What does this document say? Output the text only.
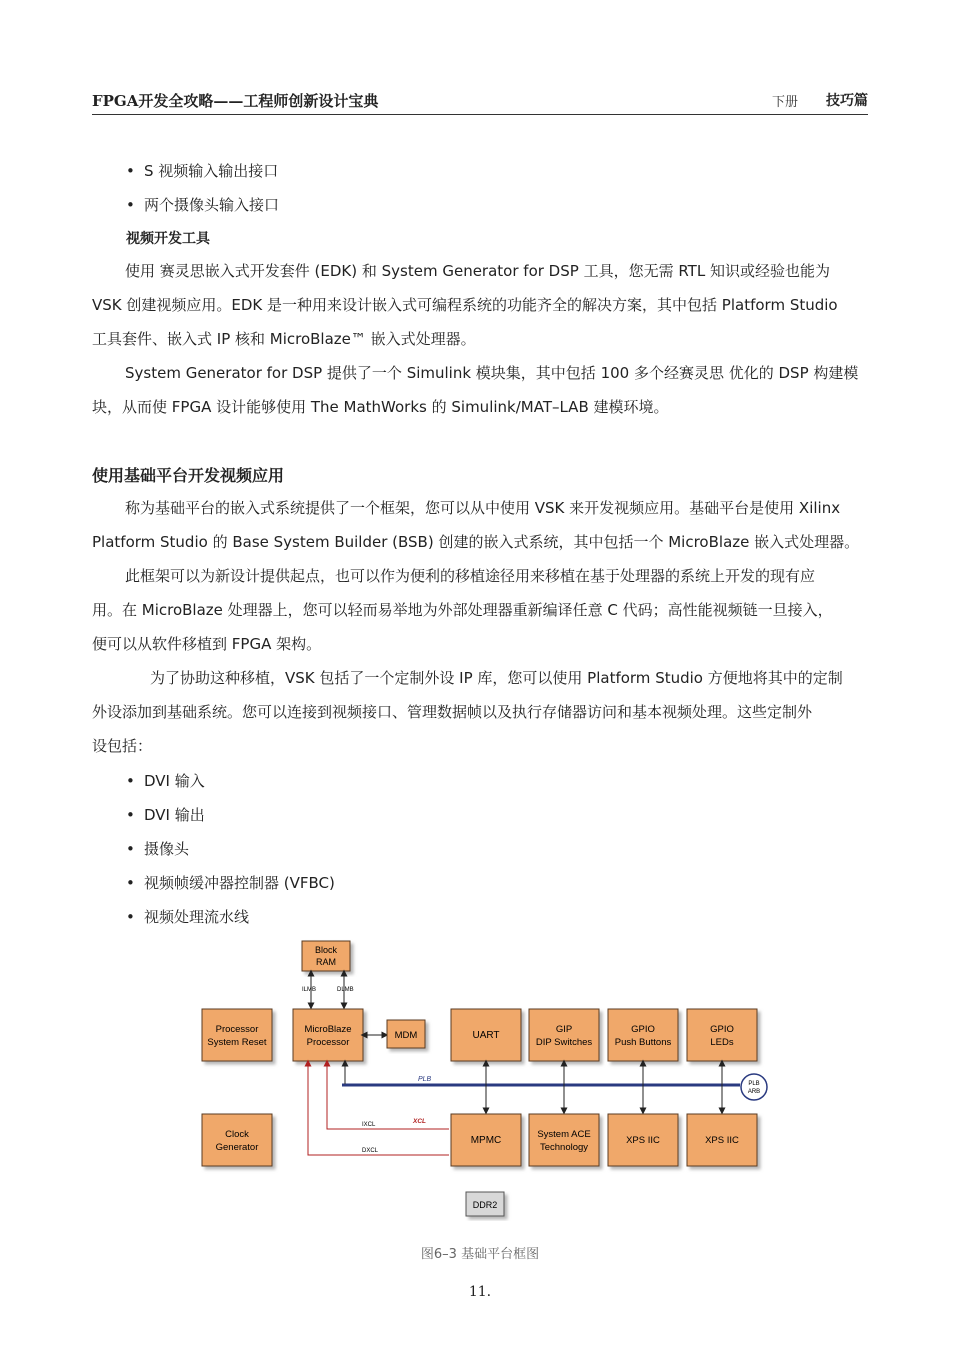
FPGA开发全攻略——工程师创新设计宝典	下册 技巧篇
• S 视频输入输出接口
• 两个摄像头输入接口
视频开发工具
使用 赛灵思嵌入式开发套件 (EDK) 和 System Generator for DSP 工具，您无需 RTL 知识或经验也能为
VSK 创建视频应用。EDK 是一种用来设计嵌入式可编程系统的功能齐全的解决方案，其中包括 Platform Studio
工具套件、嵌入式 IP 核和 MicroBlaze™ 嵌入式处理器。
System Generator for DSP 提供了一个 Simulink 模块集，其中包括 100 多个经赛灵思 优化的 DSP 构建模
块，从而使 FPGA 设计能够使用 The MathWorks 的 Simulink/MAT–LAB 建模环境。
使用基础平台开发视频应用
称为基础平台的嵌入式系统提供了一个框架，您可以从中使用 VSK 来开发视频应用。基础平台是使用 Xilinx
Platform Studio 的 Base System Builder (BSB) 创建的嵌入式系统，其中包括一个 MicroBlaze 嵌入式处理器。
此框架可以为新设计提供起点，也可以作为便利的移植途径用来移植在基于处理器的系统上开发的现有应
用。在 MicroBlaze 处理器上，您可以轻而易举地为外部处理器重新编译任意 C 代码；高性能视频链一旦接入，
便可以从软件移植到 FPGA 架构。
为了协助这种移植，VSK 包括了一个定制外设 IP 库，您可以使用 Platform Studio 方便地将其中的定制
外设添加到基础系统。您可以连接到视频接口、管理数据帧以及执行存储器访问和基本视频处理。这些定制外
设包括：
• DVI 输入
• DVI 输出
• 摄像头
• 视频帧缓冲器控制器 (VFBC)
• 视频处理流水线
Block
RAM
ILMB	DLMB
Processor
System Reset
MicroBlaze
Processor
MDM	UART
GIP
DIP Switches
GPIO
Push Buttons
GPIO
LEDs
PLB
PLB
ARB
Clock
Generator
IXCL	XCL
DXCL
MPMC
System ACE
Technology
XPS IIC	XPS IIC
DDR2
图6–3 基础平台框图
11.
